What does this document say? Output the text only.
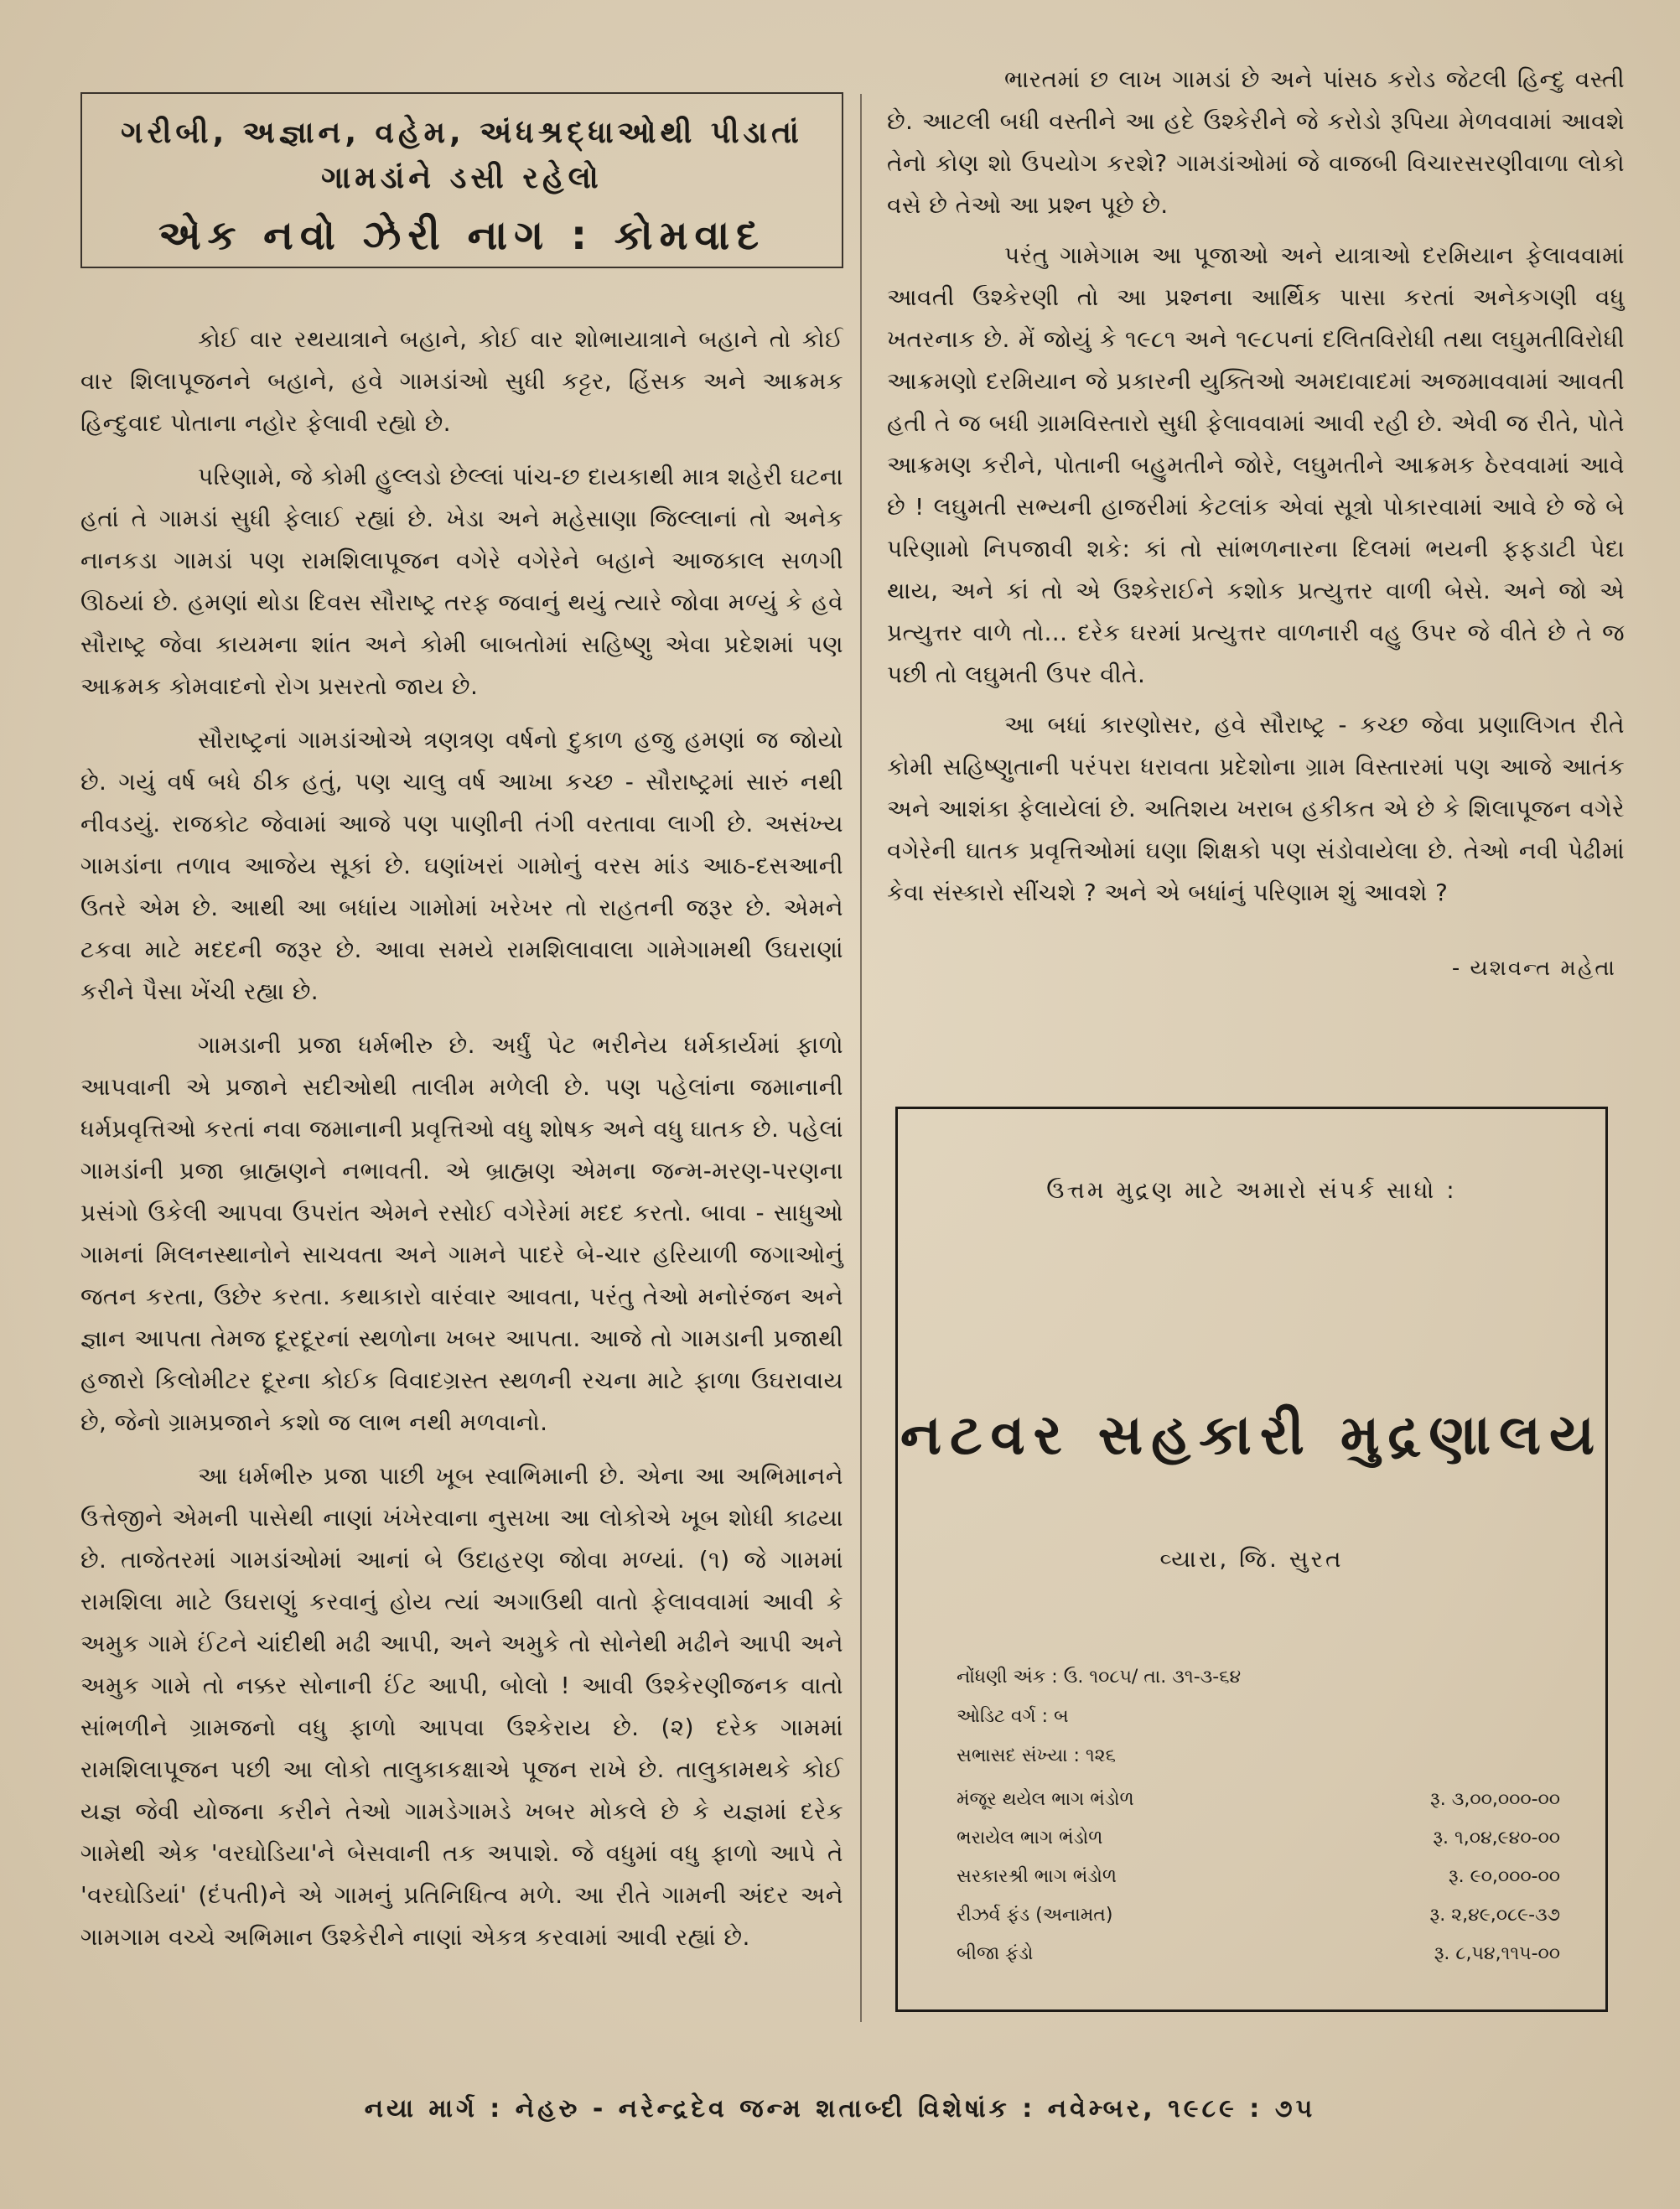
ગરીબી, અજ્ઞાન, વહેમ, અંધશ્રદ્ધાઓથી પીડાતાં
ગામડાંને ડસી રહેલો
એક નવો ઝેરી નાગ : કોમવાદ

કોઈ વાર રથયાત્રાને બહાને, કોઈ વાર શોભાયાત્રાને બહાને તો કોઈ વાર શિલાપૂજનને બહાને, હવે ગામડાંઓ સુધી કટ્ટર, હિંસક અને આક્રમક હિન્દુવાદ પોતાના નહોર ફેલાવી રહ્યો છે.

પરિણામે, જે કોમી હુલ્લડો છેલ્લાં પાંચ-છ દાયકાથી માત્ર શહેરી ઘટના હતાં તે ગામડાં સુધી ફેલાઈ રહ્યાં છે. ખેડા અને મહેસાણા જિલ્લાનાં તો અનેક નાનકડા ગામડાં પણ રામશિલાપૂજન વગેરે વગેરેને બહાને આજકાલ સળગી ઊઠયાં છે. હમણાં થોડા દિવસ સૌરાષ્ટ્ર તરફ જવાનું થયું ત્યારે જોવા મળ્યું કે હવે સૌરાષ્ટ્ર જેવા કાયમના શાંત અને કોમી બાબતોમાં સહિષ્ણુ એવા પ્રદેશમાં પણ આક્રમક કોમવાદનો રોગ પ્રસરતો જાય છે.

સૌરાષ્ટ્રનાં ગામડાંઓએ ત્રણત્રણ વર્ષનો દુકાળ હજુ હમણાં જ જોયો છે. ગયું વર્ષ બધે ઠીક હતું, પણ ચાલુ વર્ષ આખા કચ્છ - સૌરાષ્ટ્રમાં સારું નથી નીવડયું. રાજકોટ જેવામાં આજે પણ પાણીની તંગી વરતાવા લાગી છે. અસંખ્ય ગામડાંના તળાવ આજેય સૂકાં છે. ઘણાંખરાં ગામોનું વરસ માંડ આઠ-દસઆની ઉતરે એમ છે. આથી આ બધાંય ગામોમાં ખરેખર તો રાહતની જરૂર છે. એમને ટકવા માટે મદદની જરૂર છે. આવા સમયે રામશિલાવાલા ગામેગામથી ઉઘરાણાં કરીને પૈસા ખેંચી રહ્યા છે.

ગામડાની પ્રજા ધર્મભીરુ છે. અર્ધું પેટ ભરીનેય ધર્મકાર્યમાં ફાળો આપવાની એ પ્રજાને સદીઓથી તાલીમ મળેલી છે. પણ પહેલાંના જમાનાની ધર્મપ્રવૃત્તિઓ કરતાં નવા જમાનાની પ્રવૃત્તિઓ વધુ શોષક અને વધુ ઘાતક છે. પહેલાં ગામડાંની પ્રજા બ્રાહ્મણને નભાવતી. એ બ્રાહ્મણ એમના જન્મ-મરણ-પરણના પ્રસંગો ઉકેલી આપવા ઉપરાંત એમને રસોઈ વગેરેમાં મદદ કરતો. બાવા - સાધુઓ ગામનાં મિલનસ્થાનોને સાચવતા અને ગામને પાદરે બે-ચાર હરિયાળી જગાઓનું જતન કરતા, ઉછેર કરતા. કથાકારો વારંવાર આવતા, પરંતુ તેઓ મનોરંજન અને જ્ઞાન આપતા તેમજ દૂરદૂરનાં સ્થળોના ખબર આપતા. આજે તો ગામડાની પ્રજાથી હજારો કિલોમીટર દૂરના કોઈક વિવાદગ્રસ્ત સ્થળની રચના માટે ફાળા ઉઘરાવાય છે, જેનો ગ્રામપ્રજાને કશો જ લાભ નથી મળવાનો.

આ ધર્મભીરુ પ્રજા પાછી ખૂબ સ્વાભિમાની છે. એના આ અભિમાનને ઉત્તેજીને એમની પાસેથી નાણાં ખંખેરવાના નુસખા આ લોકોએ ખૂબ શોધી કાઢયા છે. તાજેતરમાં ગામડાંઓમાં આનાં બે ઉદાહરણ જોવા મળ્યાં. (૧) જે ગામમાં રામશિલા માટે ઉઘરાણું કરવાનું હોય ત્યાં અગાઉથી વાતો ફેલાવવામાં આવી કે અમુક ગામે ઈંટને ચાંદીથી મઢી આપી, અને અમુકે તો સોનેથી મઢીને આપી અને અમુક ગામે તો નક્કર સોનાની ઈંટ આપી, બોલો ! આવી ઉશ્કેરણીજનક વાતો સાંભળીને ગ્રામજનો વધુ ફાળો આપવા ઉશ્કેરાય છે. (૨) દરેક ગામમાં રામશિલાપૂજન પછી આ લોકો તાલુકાકક્ષાએ પૂજન રાખે છે. તાલુકામથકે કોઈ યજ્ઞ જેવી યોજના કરીને તેઓ ગામડેગામડે ખબર મોકલે છે કે યજ્ઞમાં દરેક ગામેથી એક 'વરઘોડિયા'ને બેસવાની તક અપાશે. જે વધુમાં વધુ ફાળો આપે તે 'વરઘોડિયાં' (દંપતી)ને એ ગામનું પ્રતિનિધિત્વ મળે. આ રીતે ગામની અંદર અને ગામગામ વચ્ચે અભિમાન ઉશ્કેરીને નાણાં એકત્ર કરવામાં આવી રહ્યાં છે.

ભારતમાં છ લાખ ગામડાં છે અને પાંસઠ કરોડ જેટલી હિન્દુ વસ્તી છે. આટલી બધી વસ્તીને આ હદે ઉશ્કેરીને જે કરોડો રૂપિયા મેળવવામાં આવશે તેનો કોણ શો ઉપયોગ કરશે? ગામડાંઓમાં જે વાજબી વિચારસરણીવાળા લોકો વસે છે તેઓ આ પ્રશ્ન પૂછે છે.

પરંતુ ગામેગામ આ પૂજાઓ અને યાત્રાઓ દરમિયાન ફેલાવવામાં આવતી ઉશ્કેરણી તો આ પ્રશ્નના આર્થિક પાસા કરતાં અનેકગણી વધુ ખતરનાક છે. મેં જોયું કે ૧૯૮૧ અને ૧૯૮૫નાં દલિતવિરોધી તથા લઘુમતીવિરોધી આક્રમણો દરમિયાન જે પ્રકારની યુક્તિઓ અમદાવાદમાં અજમાવવામાં આવતી હતી તે જ બધી ગ્રામવિસ્તારો સુધી ફેલાવવામાં આવી રહી છે. એવી જ રીતે, પોતે આક્રમણ કરીને, પોતાની બહુમતીને જોરે, લઘુમતીને આક્રમક ઠેરવવામાં આવે છે ! લઘુમતી સભ્યની હાજરીમાં કેટલાંક એવાં સૂત્રો પોકારવામાં આવે છે જે બે પરિણામો નિપજાવી શકે: કાં તો સાંભળનારના દિલમાં ભયની ફફડાટી પેદા થાય, અને કાં તો એ ઉશ્કેરાઈને કશોક પ્રત્યુત્તર વાળી બેસે. અને જો એ પ્રત્યુત્તર વાળે તો... દરેક ઘરમાં પ્રત્યુત્તર વાળનારી વહુ ઉપર જે વીતે છે તે જ પછી તો લઘુમતી ઉપર વીતે.

આ બધાં કારણોસર, હવે સૌરાષ્ટ્ર - કચ્છ જેવા પ્રણાલિગત રીતે કોમી સહિષ્ણુતાની પરંપરા ધરાવતા પ્રદેશોના ગ્રામ વિસ્તારમાં પણ આજે આતંક અને આશંકા ફેલાયેલાં છે. અતિશય ખરાબ હકીકત એ છે કે શિલાપૂજન વગેરે વગેરેની ઘાતક પ્રવૃત્તિઓમાં ઘણા શિક્ષકો પણ સંડોવાયેલા છે. તેઓ નવી પેઢીમાં કેવા સંસ્કારો સીંચશે ? અને એ બધાંનું પરિણામ શું આવશે ?

- યશવન્ત મહેતા
ઉત્તમ મુદ્રણ માટે અમારો સંપર્ક સાધો :
નટવર સહકારી મુદ્રણાલય
વ્યારા, જિ. સુરત
નોંધણી અંક : ઉ. ૧૦૮૫/ તા. ૩૧-૩-૬૪
ઓડિટ વર્ગ : બ
સભાસદ સંખ્યા : ૧૨૬
મંજૂર થયેલ ભાગ ભંડોળ	રૂ. ૩,૦૦,૦૦૦-૦૦
ભરાયેલ ભાગ ભંડોળ	રૂ. ૧,૦૪,૯૪૦-૦૦
સરકારશ્રી ભાગ ભંડોળ	રૂ. ૯૦,૦૦૦-૦૦
રીઝર્વ ફંડ (અનામત)	રૂ. ૨,૪૯,૦૮૯-૩૭
બીજા ફંડો	રૂ. ૮,૫૪,૧૧૫-૦૦
નયા માર્ગ : નેહરુ - નરેન્દ્રદેવ જન્મ શતાબ્દી વિશેષાંક : નવેમ્બર, ૧૯૮૯ : ૭૫
